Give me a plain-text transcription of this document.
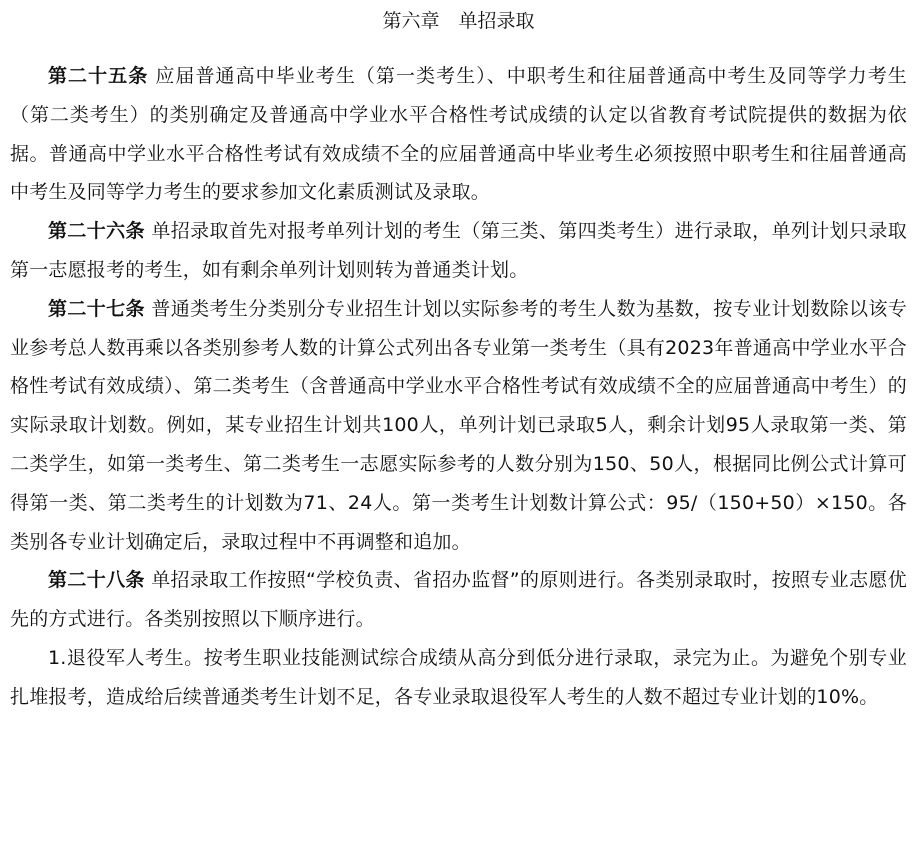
第六章　单招录取

第二十五条 应届普通高中毕业考生（第一类考生）、中职考生和往届普通高中考生及同等学力考生（第二类考生）的类别确定及普通高中学业水平合格性考试成绩的认定以省教育考试院提供的数据为依据。普通高中学业水平合格性考试有效成绩不全的应届普通高中毕业考生必须按照中职考生和往届普通高中考生及同等学力考生的要求参加文化素质测试及录取。

第二十六条 单招录取首先对报考单列计划的考生（第三类、第四类考生）进行录取，单列计划只录取第一志愿报考的考生，如有剩余单列计划则转为普通类计划。

第二十七条 普通类考生分类别分专业招生计划以实际参考的考生人数为基数，按专业计划数除以该专业参考总人数再乘以各类别参考人数的计算公式列出各专业第一类考生（具有2023年普通高中学业水平合格性考试有效成绩）、第二类考生（含普通高中学业水平合格性考试有效成绩不全的应届普通高中考生）的实际录取计划数。例如，某专业招生计划共100人，单列计划已录取5人，剩余计划95人录取第一类、第二类学生，如第一类考生、第二类考生一志愿实际参考的人数分别为150、50人，根据同比例公式计算可得第一类、第二类考生的计划数为71、24人。第一类考生计划数计算公式：95/（150+50）×150。各类别各专业计划确定后，录取过程中不再调整和追加。

第二十八条 单招录取工作按照“学校负责、省招办监督”的原则进行。各类别录取时，按照专业志愿优先的方式进行。各类别按照以下顺序进行。

1.退役军人考生。按考生职业技能测试综合成绩从高分到低分进行录取，录完为止。为避免个别专业扎堆报考，造成给后续普通类考生计划不足，各专业录取退役军人考生的人数不超过专业计划的10%。
